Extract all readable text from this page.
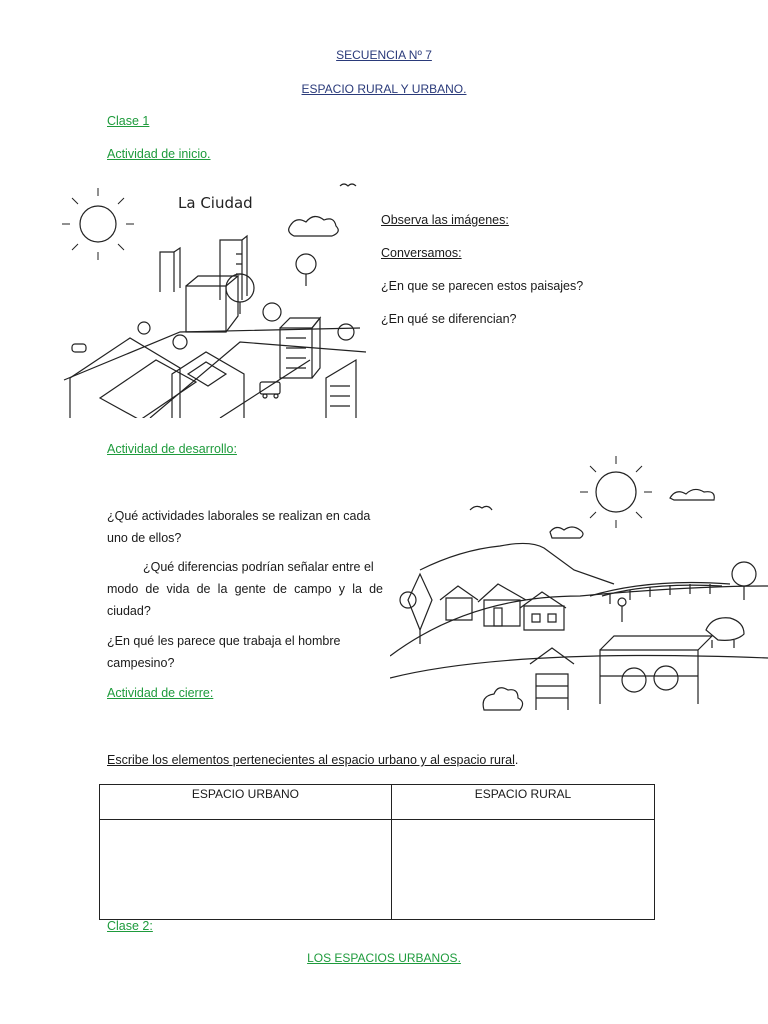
SECUENCIA Nº 7
ESPACIO RURAL Y URBANO.
Clase 1
Actividad de inicio.
La Ciudad
Observa las imágenes:
Conversamos:
¿En que se parecen estos paisajes?
¿En qué se diferencian?
Actividad de desarrollo:
¿Qué actividades laborales se realizan en cada
uno de ellos?
¿Qué diferencias podrían señalar entre el
modo de vida de la gente de campo y la de
ciudad?
¿En qué les parece que trabaja el hombre
campesino?
Actividad de cierre:
Escribe los elementos pertenecientes al espacio urbano y al espacio rural.
ESPACIO URBANO	ESPACIO RURAL

Clase 2:
LOS ESPACIOS URBANOS.
